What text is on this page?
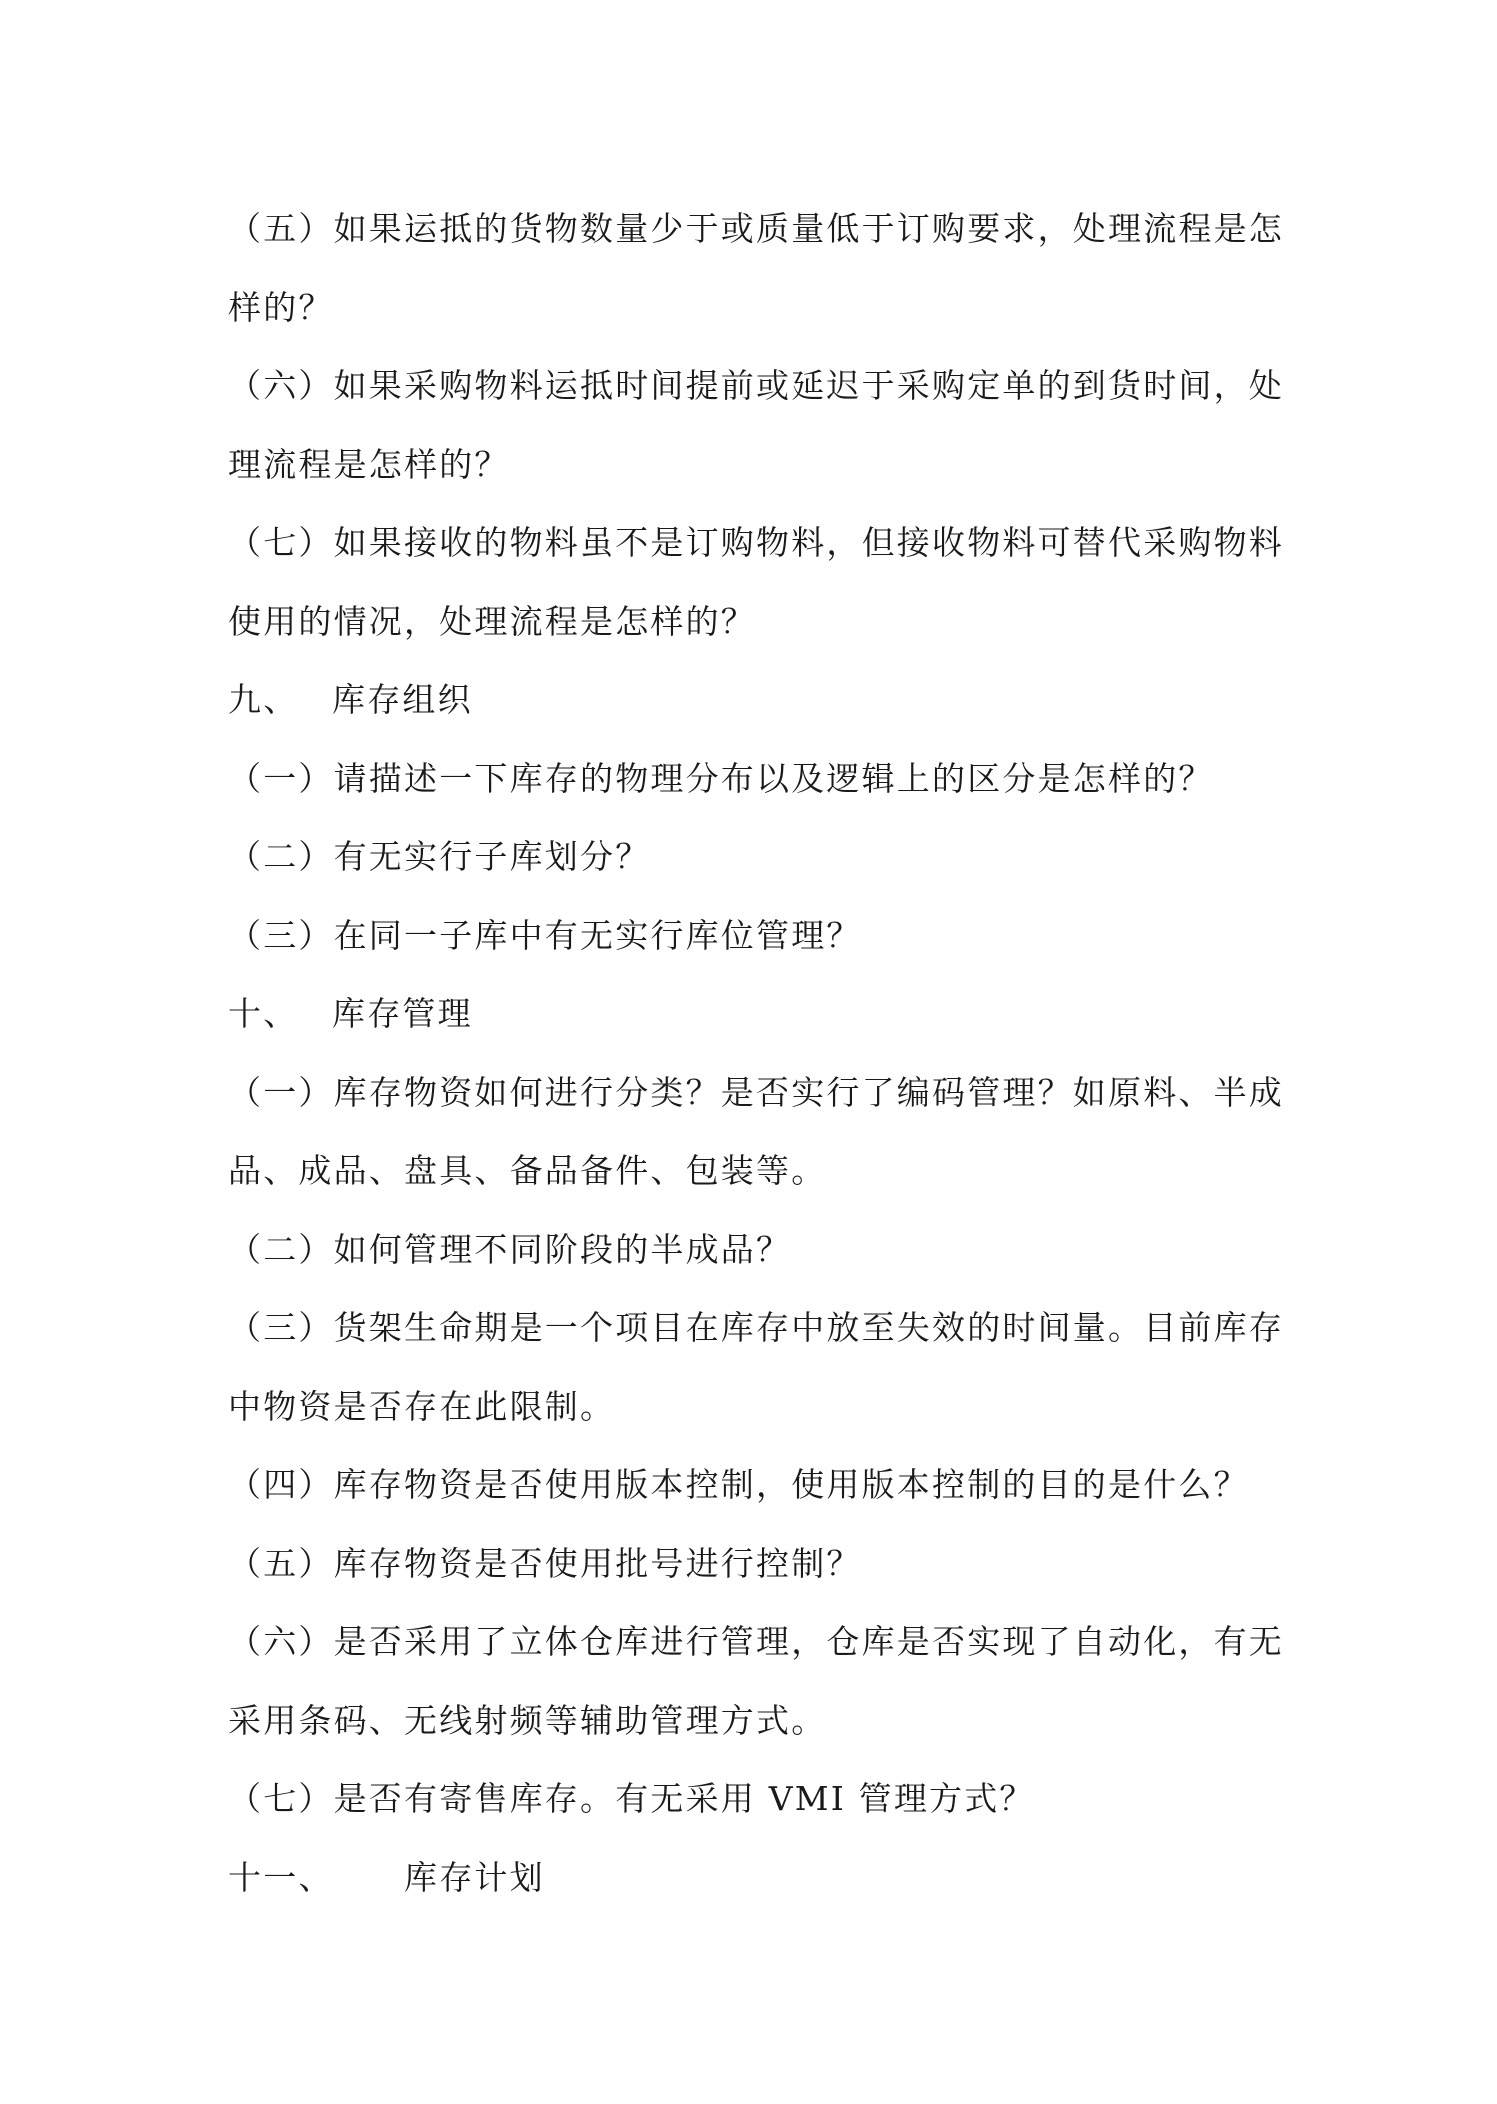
（五）如果运抵的货物数量少于或质量低于订购要求，处理流程是怎

样的？

（六）如果采购物料运抵时间提前或延迟于采购定单的到货时间，处

理流程是怎样的？

（七）如果接收的物料虽不是订购物料，但接收物料可替代采购物料

使用的情况，处理流程是怎样的？

九、 库存组织

（一）请描述一下库存的物理分布以及逻辑上的区分是怎样的？

（二）有无实行子库划分？

（三）在同一子库中有无实行库位管理？

十、 库存管理

（一）库存物资如何进行分类？是否实行了编码管理？如原料、半成

品、成品、盘具、备品备件、包装等。

（二）如何管理不同阶段的半成品？

（三）货架生命期是一个项目在库存中放至失效的时间量。目前库存

中物资是否存在此限制。

（四）库存物资是否使用版本控制，使用版本控制的目的是什么？

（五）库存物资是否使用批号进行控制？

（六）是否采用了立体仓库进行管理，仓库是否实现了自动化，有无

采用条码、无线射频等辅助管理方式。

（七）是否有寄售库存。有无采用 VMI 管理方式？

十一、 库存计划
